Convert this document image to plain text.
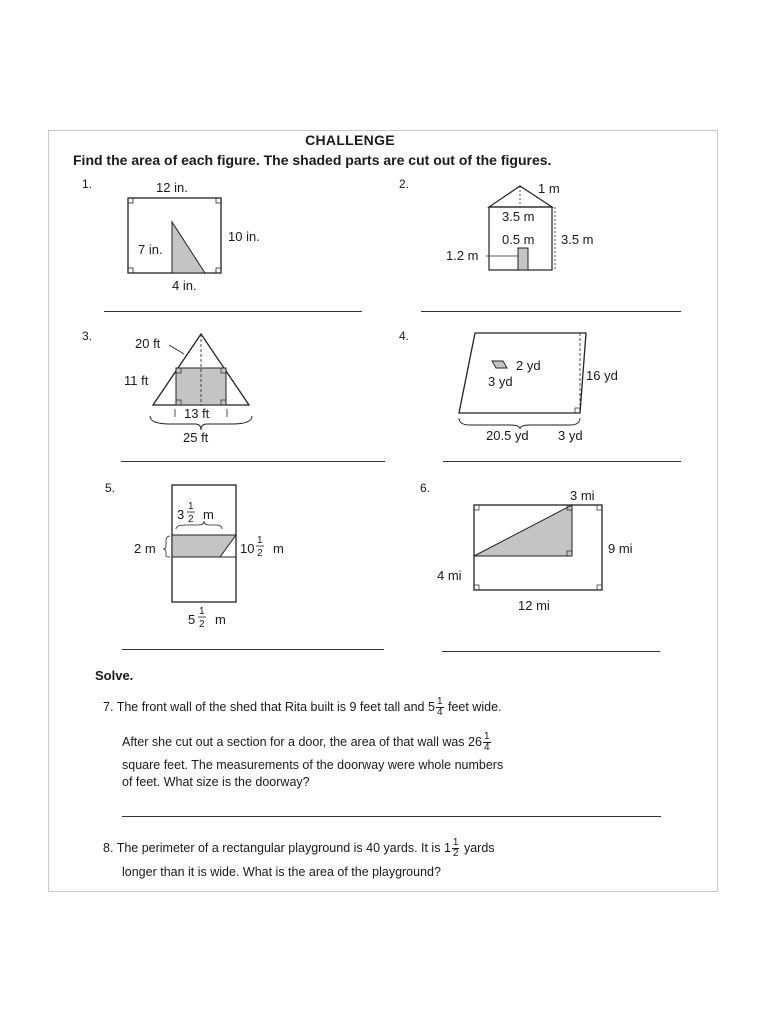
CHALLENGE
Find the area of each figure. The shaded parts are cut out of the figures.
1.	12 in.
10 in.
7 in.
4 in.
2.	1 m
3.5 m
0.5 m 3.5 m
1.2 m
3.	20 ft
11 ft
13 ft
25 ft
4.
2 yd
3 yd	16 yd
20.5 yd 3 yd
5.
2 m
3
1
2 m
10
1
2 m
5
1
2 m
6.	3 mi
9 mi
4 mi
12 mi
Solve.
7. The front wall of the shed that Rita built is 9 feet tall and $5 \frac{1}{4}$ feet wide.
After she cut out a section for a door, the area of that wall was $26 \frac{1}{4}$
square feet. The measurements of the doorway were whole numbers
of feet. What size is the doorway?
8. The perimeter of a rectangular playground is 40 yards. It is $1 \frac{1}{2}$ yards
longer than it is wide. What is the area of the playground?
